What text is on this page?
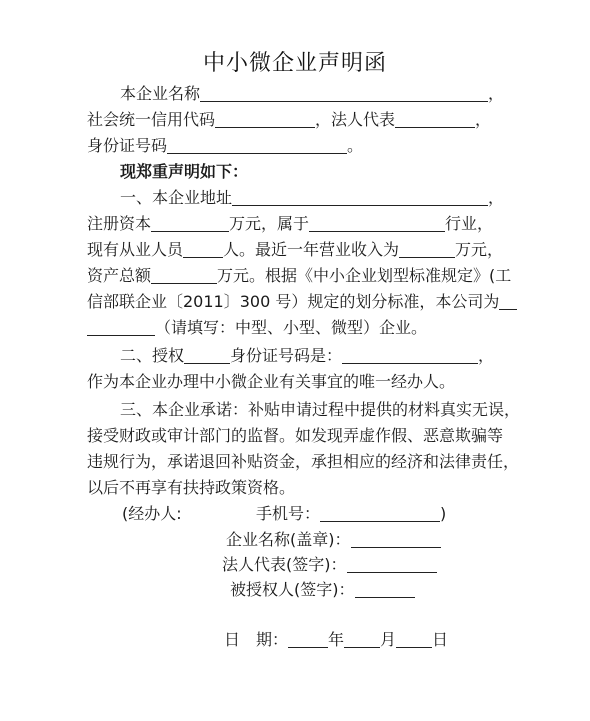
中小微企业声明函
本企业名称	，
社会统一信用代码	，法人代表	，
身份证号码	。
现郑重声明如下：
一、本企业地址	，
注册资本	万元，属于	行业，
现有从业人员	人。最近一年营业收入为	万元，
资产总额	万元。根据《中小企业划型标准规定》(工
信部联企业〔2011〕300 号）规定的划分标准，本公司为
（请填写：中型、小型、微型）企业。
二、授权	身份证号码是：	，
作为本企业办理中小微企业有关事宜的唯一经办人。
三、本企业承诺：补贴申请过程中提供的材料真实无误，
接受财政或审计部门的监督。如发现弄虚作假、恶意欺骗等
违规行为，承诺退回补贴资金，承担相应的经济和法律责任，
以后不再享有扶持政策资格。
(经办人:	手机号：	)
企业名称(盖章)：
法人代表(签字)：
被授权人(签字)：
日　期：	年 月 日
